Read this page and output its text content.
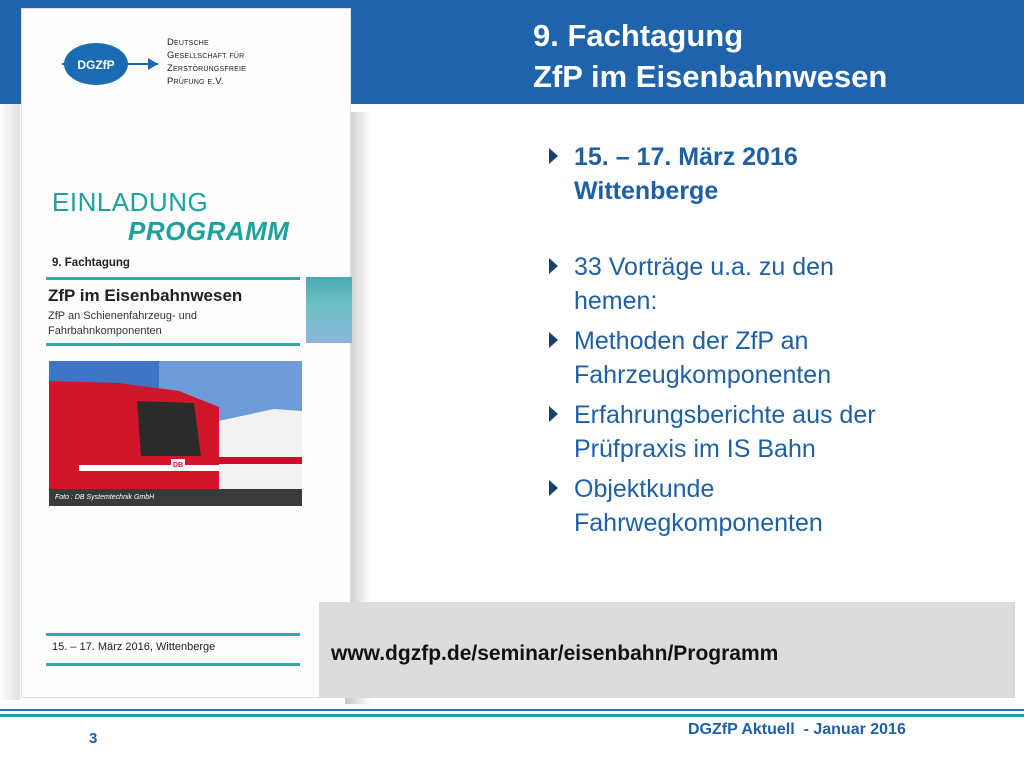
DGZfP

Deutsche
Gesellschaft für
Zerstörungsfreie
Prüfung e.V.

EINLADUNG

PROGRAMM

9. Fachtagung

ZfP im Eisenbahnwesen

ZfP an Schienenfahrzeug- und
Fahrbahnkomponenten

DB
Foto : DB Systemtechnik GmbH
15. – 17. März 2016, Wittenberge
9. Fachtagung
ZfP im Eisenbahnwesen
15. – 17. März 2016
Wittenberge
33 Vorträge u.a. zu den
hemen:
Methoden der ZfP an
Fahrzeugkomponenten
Erfahrungsberichte aus der
Prüfpraxis im IS Bahn
Objektkunde
Fahrwegkomponenten
www.dgzfp.de/seminar/eisenbahn/Programm
3
DGZfP Aktuell  - Januar 2016
